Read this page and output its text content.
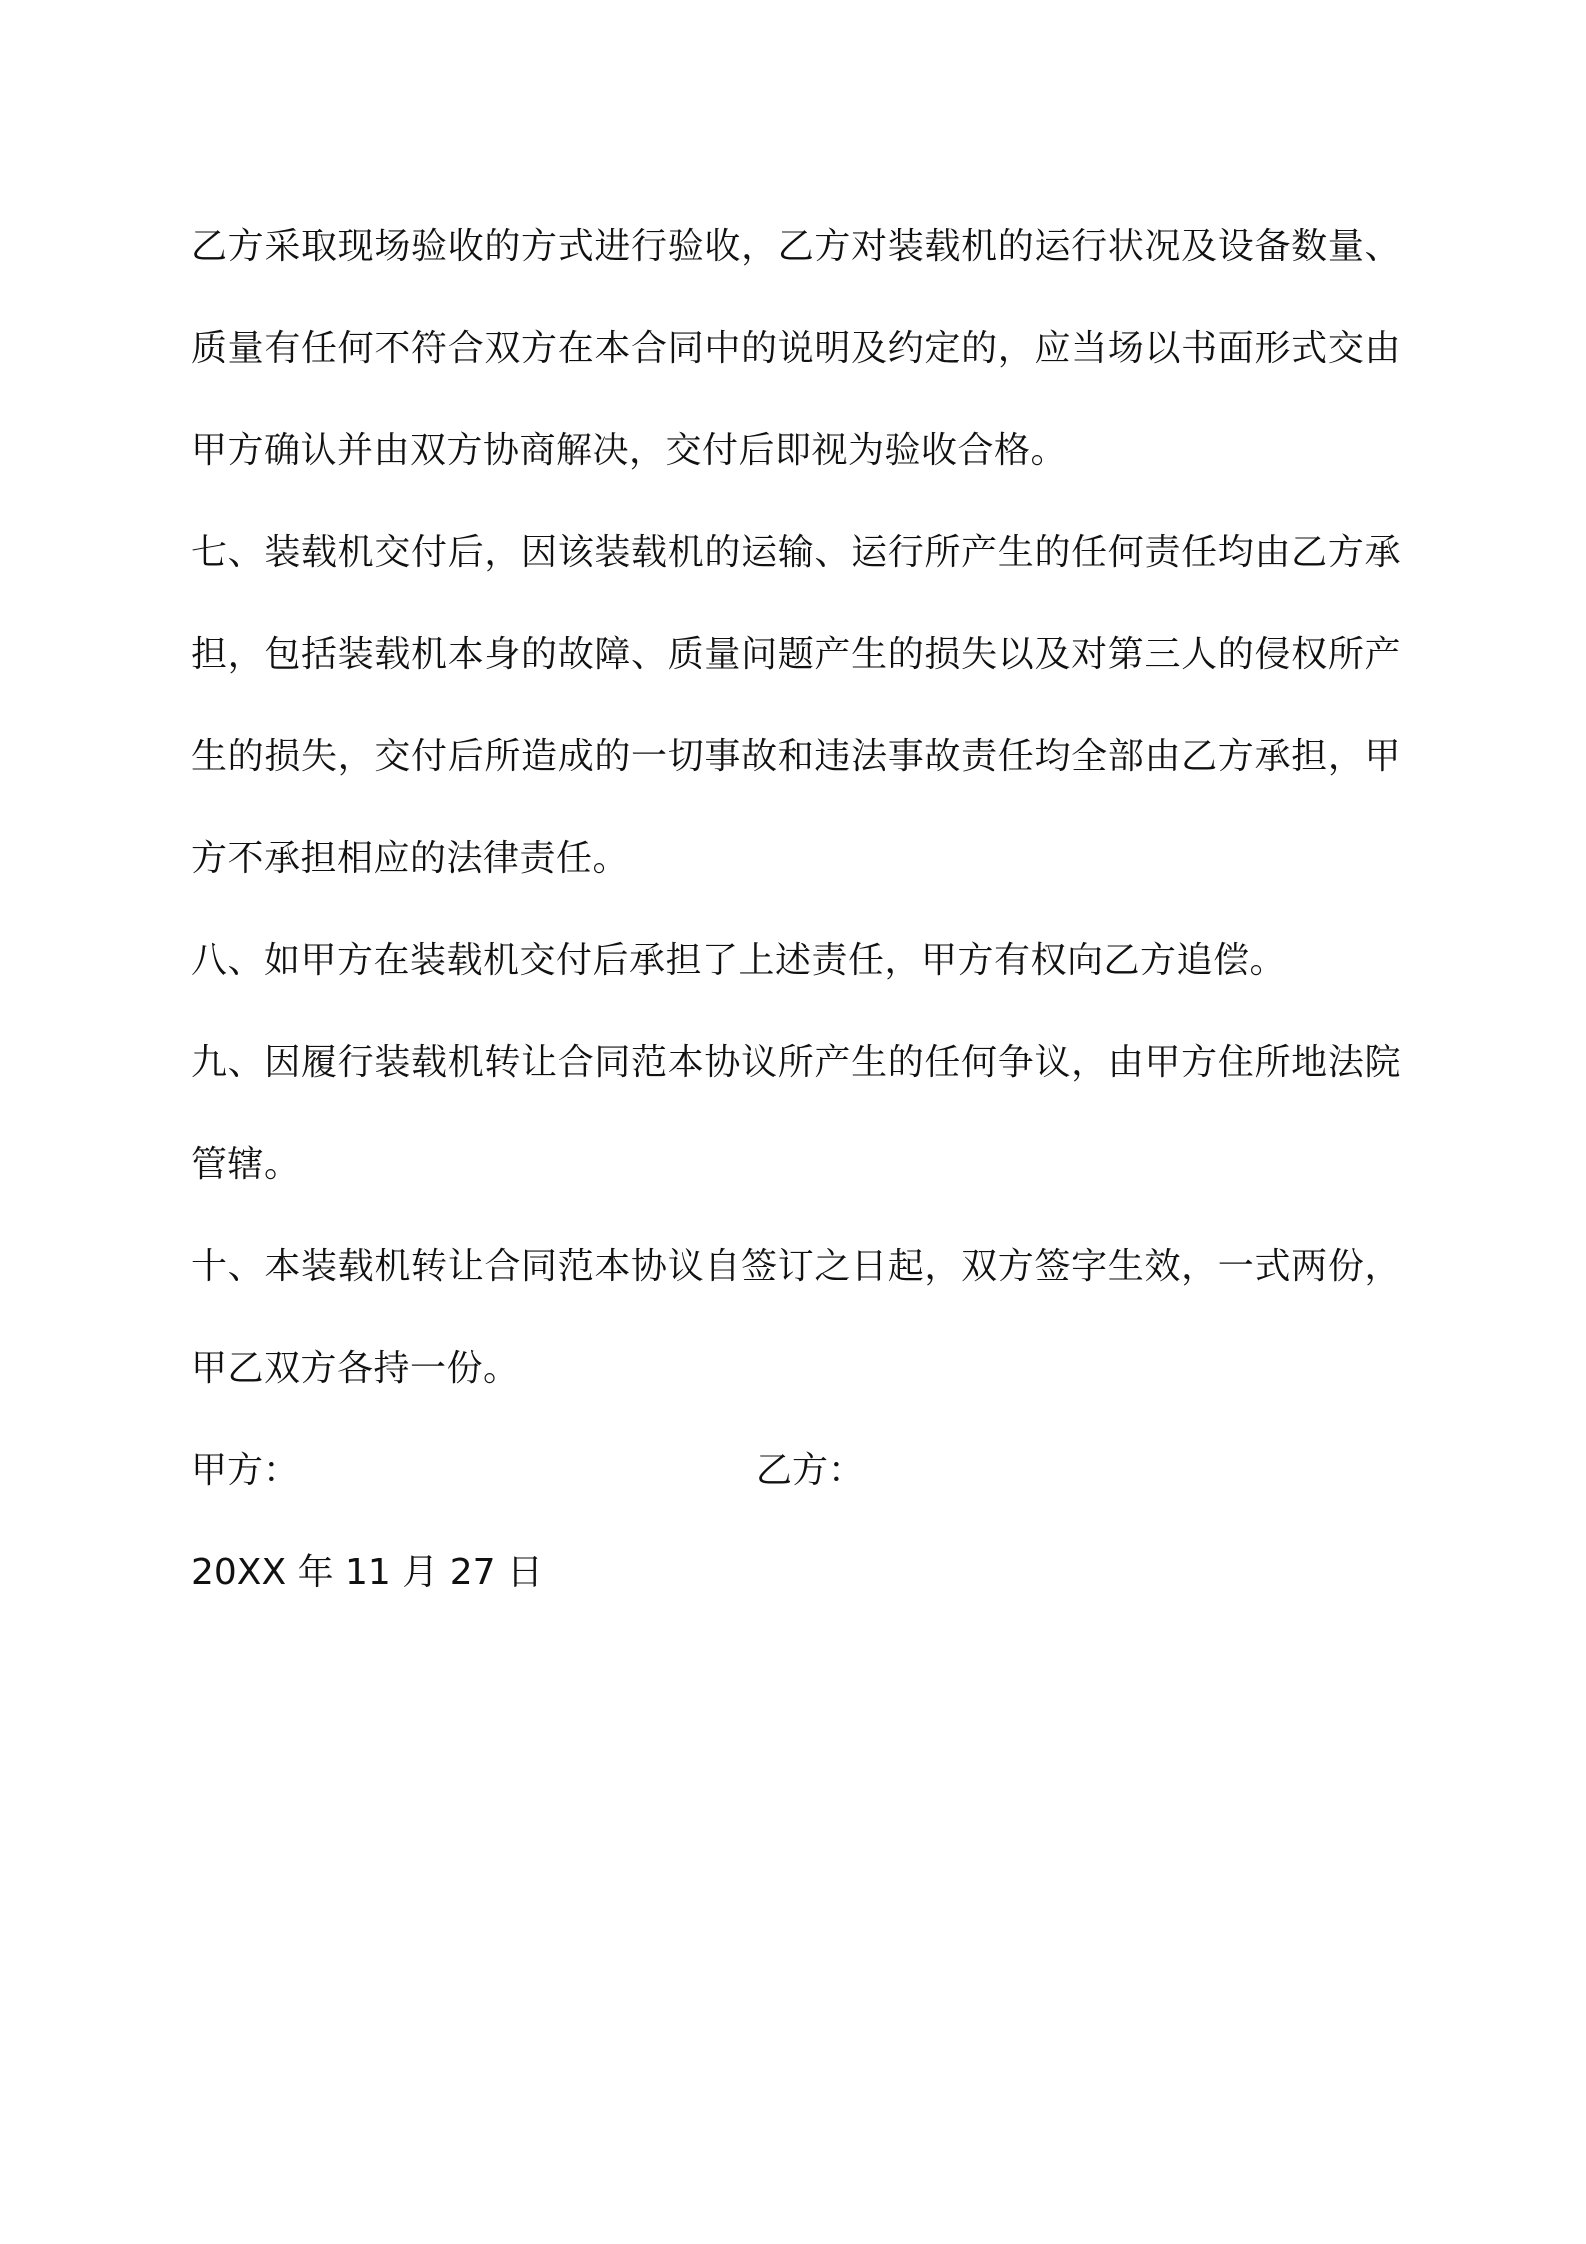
乙方采取现场验收的方式进行验收，乙方对装载机的运行状况及设备数量、质量有任何不符合双方在本合同中的说明及约定的，应当场以书面形式交由甲方确认并由双方协商解决，交付后即视为验收合格。

七、装载机交付后，因该装载机的运输、运行所产生的任何责任均由乙方承担，包括装载机本身的故障、质量问题产生的损失以及对第三人的侵权所产生的损失，交付后所造成的一切事故和违法事故责任均全部由乙方承担，甲方不承担相应的法律责任。

八、如甲方在装载机交付后承担了上述责任，甲方有权向乙方追偿。

九、因履行装载机转让合同范本协议所产生的任何争议，由甲方住所地法院管辖。

十、本装载机转让合同范本协议自签订之日起，双方签字生效，一式两份，甲乙双方各持一份。

甲方：	乙方：

20XX 年 11 月 27 日
